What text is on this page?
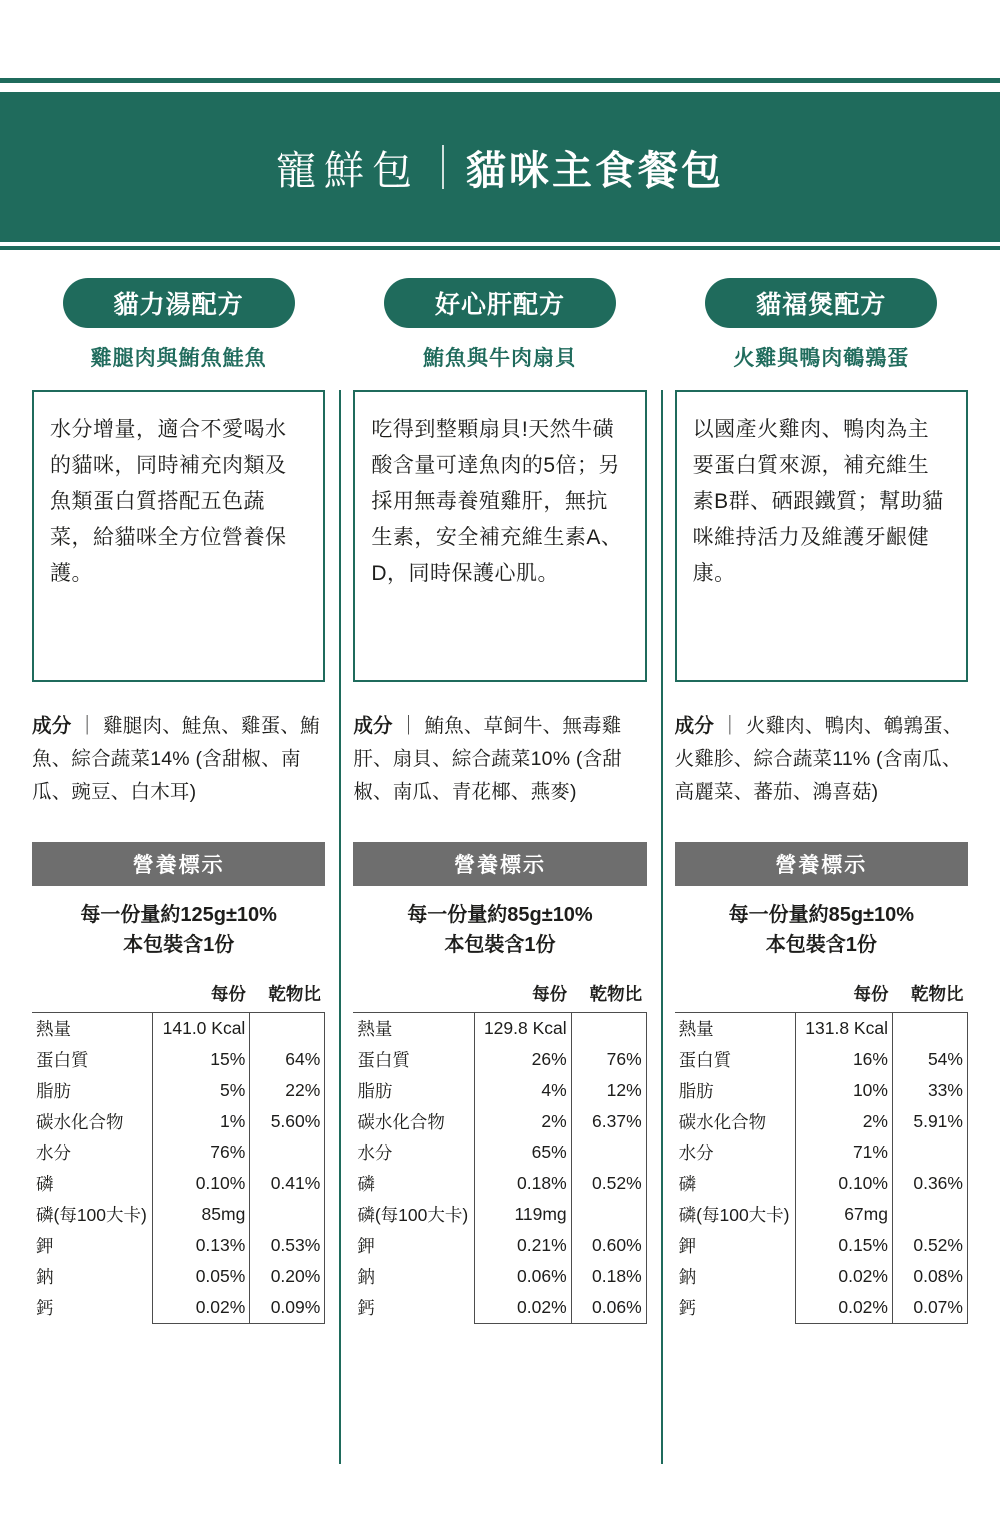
寵鮮包 貓咪主食餐包
貓力湯配方
雞腿肉與鮪魚鮭魚
水分增量，適合不愛喝水的貓咪，同時補充肉類及魚類蛋白質搭配五色蔬菜，給貓咪全方位營養保護。
成分 ｜ 雞腿肉、鮭魚、雞蛋、鮪魚、綜合蔬菜14% (含甜椒、南瓜、豌豆、白木耳)
營養標示
每一份量約125g±10%
本包裝含1份
	每份	乾物比
熱量	141.0 Kcal	
蛋白質	15%	64%
脂肪	5%	22%
碳水化合物	1%	5.60%
水分	76%	
磷	0.10%	0.41%
磷(每100大卡)	85mg	
鉀	0.13%	0.53%
鈉	0.05%	0.20%
鈣	0.02%	0.09%
好心肝配方
鮪魚與牛肉扇貝
吃得到整顆扇貝!天然牛磺酸含量可達魚肉的5倍；另採用無毒養殖雞肝，無抗生素，安全補充維生素A、D，同時保護心肌。
成分 ｜ 鮪魚、草飼牛、無毒雞肝、扇貝、綜合蔬菜10% (含甜椒、南瓜、青花椰、燕麥)
營養標示
每一份量約85g±10%
本包裝含1份
	每份	乾物比
熱量	129.8 Kcal	
蛋白質	26%	76%
脂肪	4%	12%
碳水化合物	2%	6.37%
水分	65%	
磷	0.18%	0.52%
磷(每100大卡)	119mg	
鉀	0.21%	0.60%
鈉	0.06%	0.18%
鈣	0.02%	0.06%
貓福煲配方
火雞與鴨肉鵪鶉蛋
以國產火雞肉、鴨肉為主要蛋白質來源，補充維生素B群、硒跟鐵質；幫助貓咪維持活力及維護牙齦健康。
成分 ｜ 火雞肉、鴨肉、鵪鶉蛋、火雞胗、綜合蔬菜11% (含南瓜、高麗菜、蕃茄、鴻喜菇)
營養標示
每一份量約85g±10%
本包裝含1份
	每份	乾物比
熱量	131.8 Kcal	
蛋白質	16%	54%
脂肪	10%	33%
碳水化合物	2%	5.91%
水分	71%	
磷	0.10%	0.36%
磷(每100大卡)	67mg	
鉀	0.15%	0.52%
鈉	0.02%	0.08%
鈣	0.02%	0.07%
